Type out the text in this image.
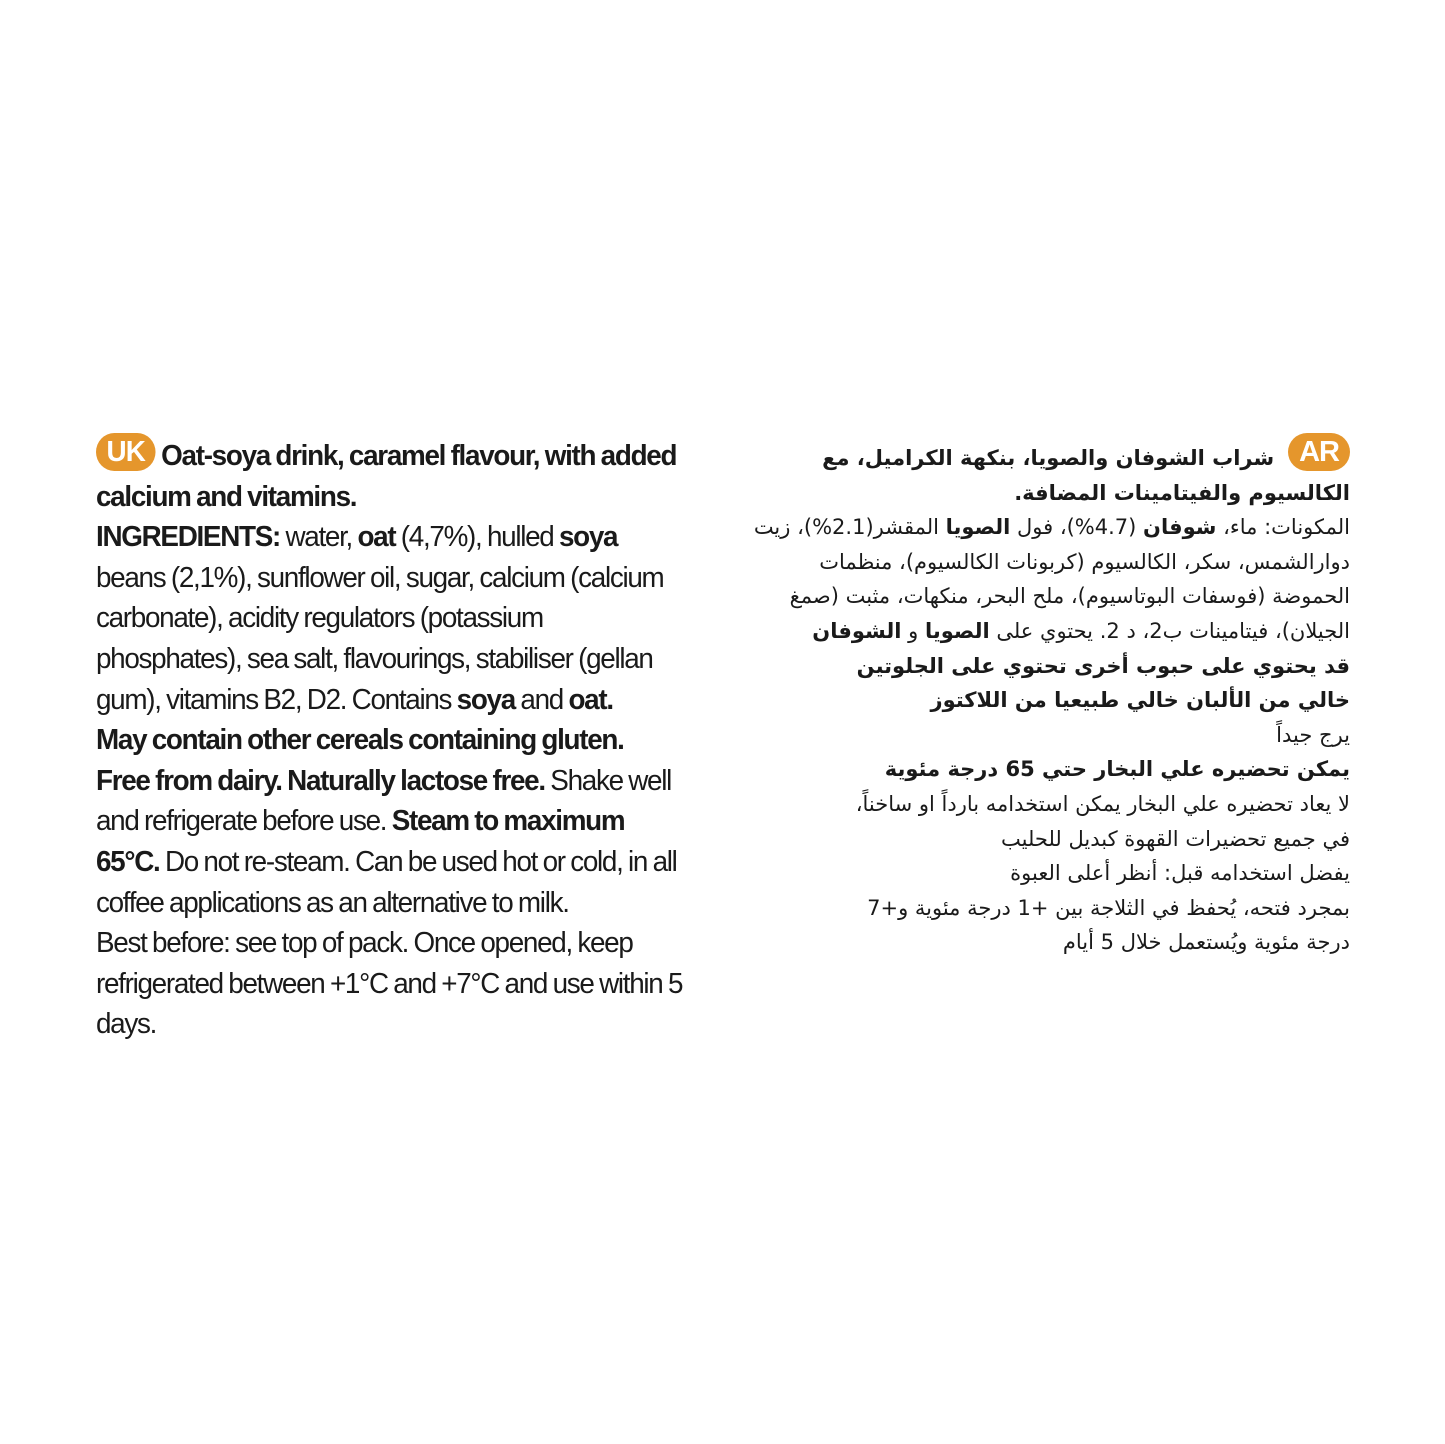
UK Oat-soya drink, caramel flavour, with added calcium and vitamins.

INGREDIENTS: water, oat (4,7%), hulled soya beans (2,1%), sunflower oil, sugar, calcium (calcium carbonate), acidity regulators (potassium phosphates), sea salt, flavourings, stabiliser (gellan gum), vitamins B2, D2. Contains soya and oat.
May contain other cereals containing gluten.
Free from dairy. Naturally lactose free. Shake well and refrigerate before use. Steam to maximum 65°C. Do not re-steam. Can be used hot or cold, in all coffee applications as an alternative to milk.
Best before: see top of pack. Once opened, keep refrigerated between +1°C and +7°C and use within 5 days.

ARشراب الشوفان والصويا، بنكهة الكراميل، مع الكالسيوم والفيتامينات المضافة.

المكونات: ماء، شوفان (4.7%)، فول الصويا المقشر(2.1%)، زيت دوارالشمس، سكر، الكالسيوم (كربونات الكالسيوم)، منظمات الحموضة (فوسفات البوتاسيوم)، ملح البحر، منكهات، مثبت (صمغ الجيلان)، فيتامينات ب2، د 2. يحتوي على الصويا و الشوفان

قد يحتوي على حبوب أخرى تحتوي على الجلوتين

خالي من الألبان خالي طبيعيا من اللاكتوز

يرج جيداً

يمكن تحضيره علي البخار حتي 65 درجة مئوية

لا يعاد تحضيره علي البخار يمكن استخدامه بارداً او ساخناً،

في جميع تحضيرات القهوة كبديل للحليب

يفضل استخدامه قبل: أنظر أعلى العبوة

بمجرد فتحه، يُحفظ في الثلاجة بين +1 درجة مئوية و+7

درجة مئوية ويُستعمل خلال 5 أيام
